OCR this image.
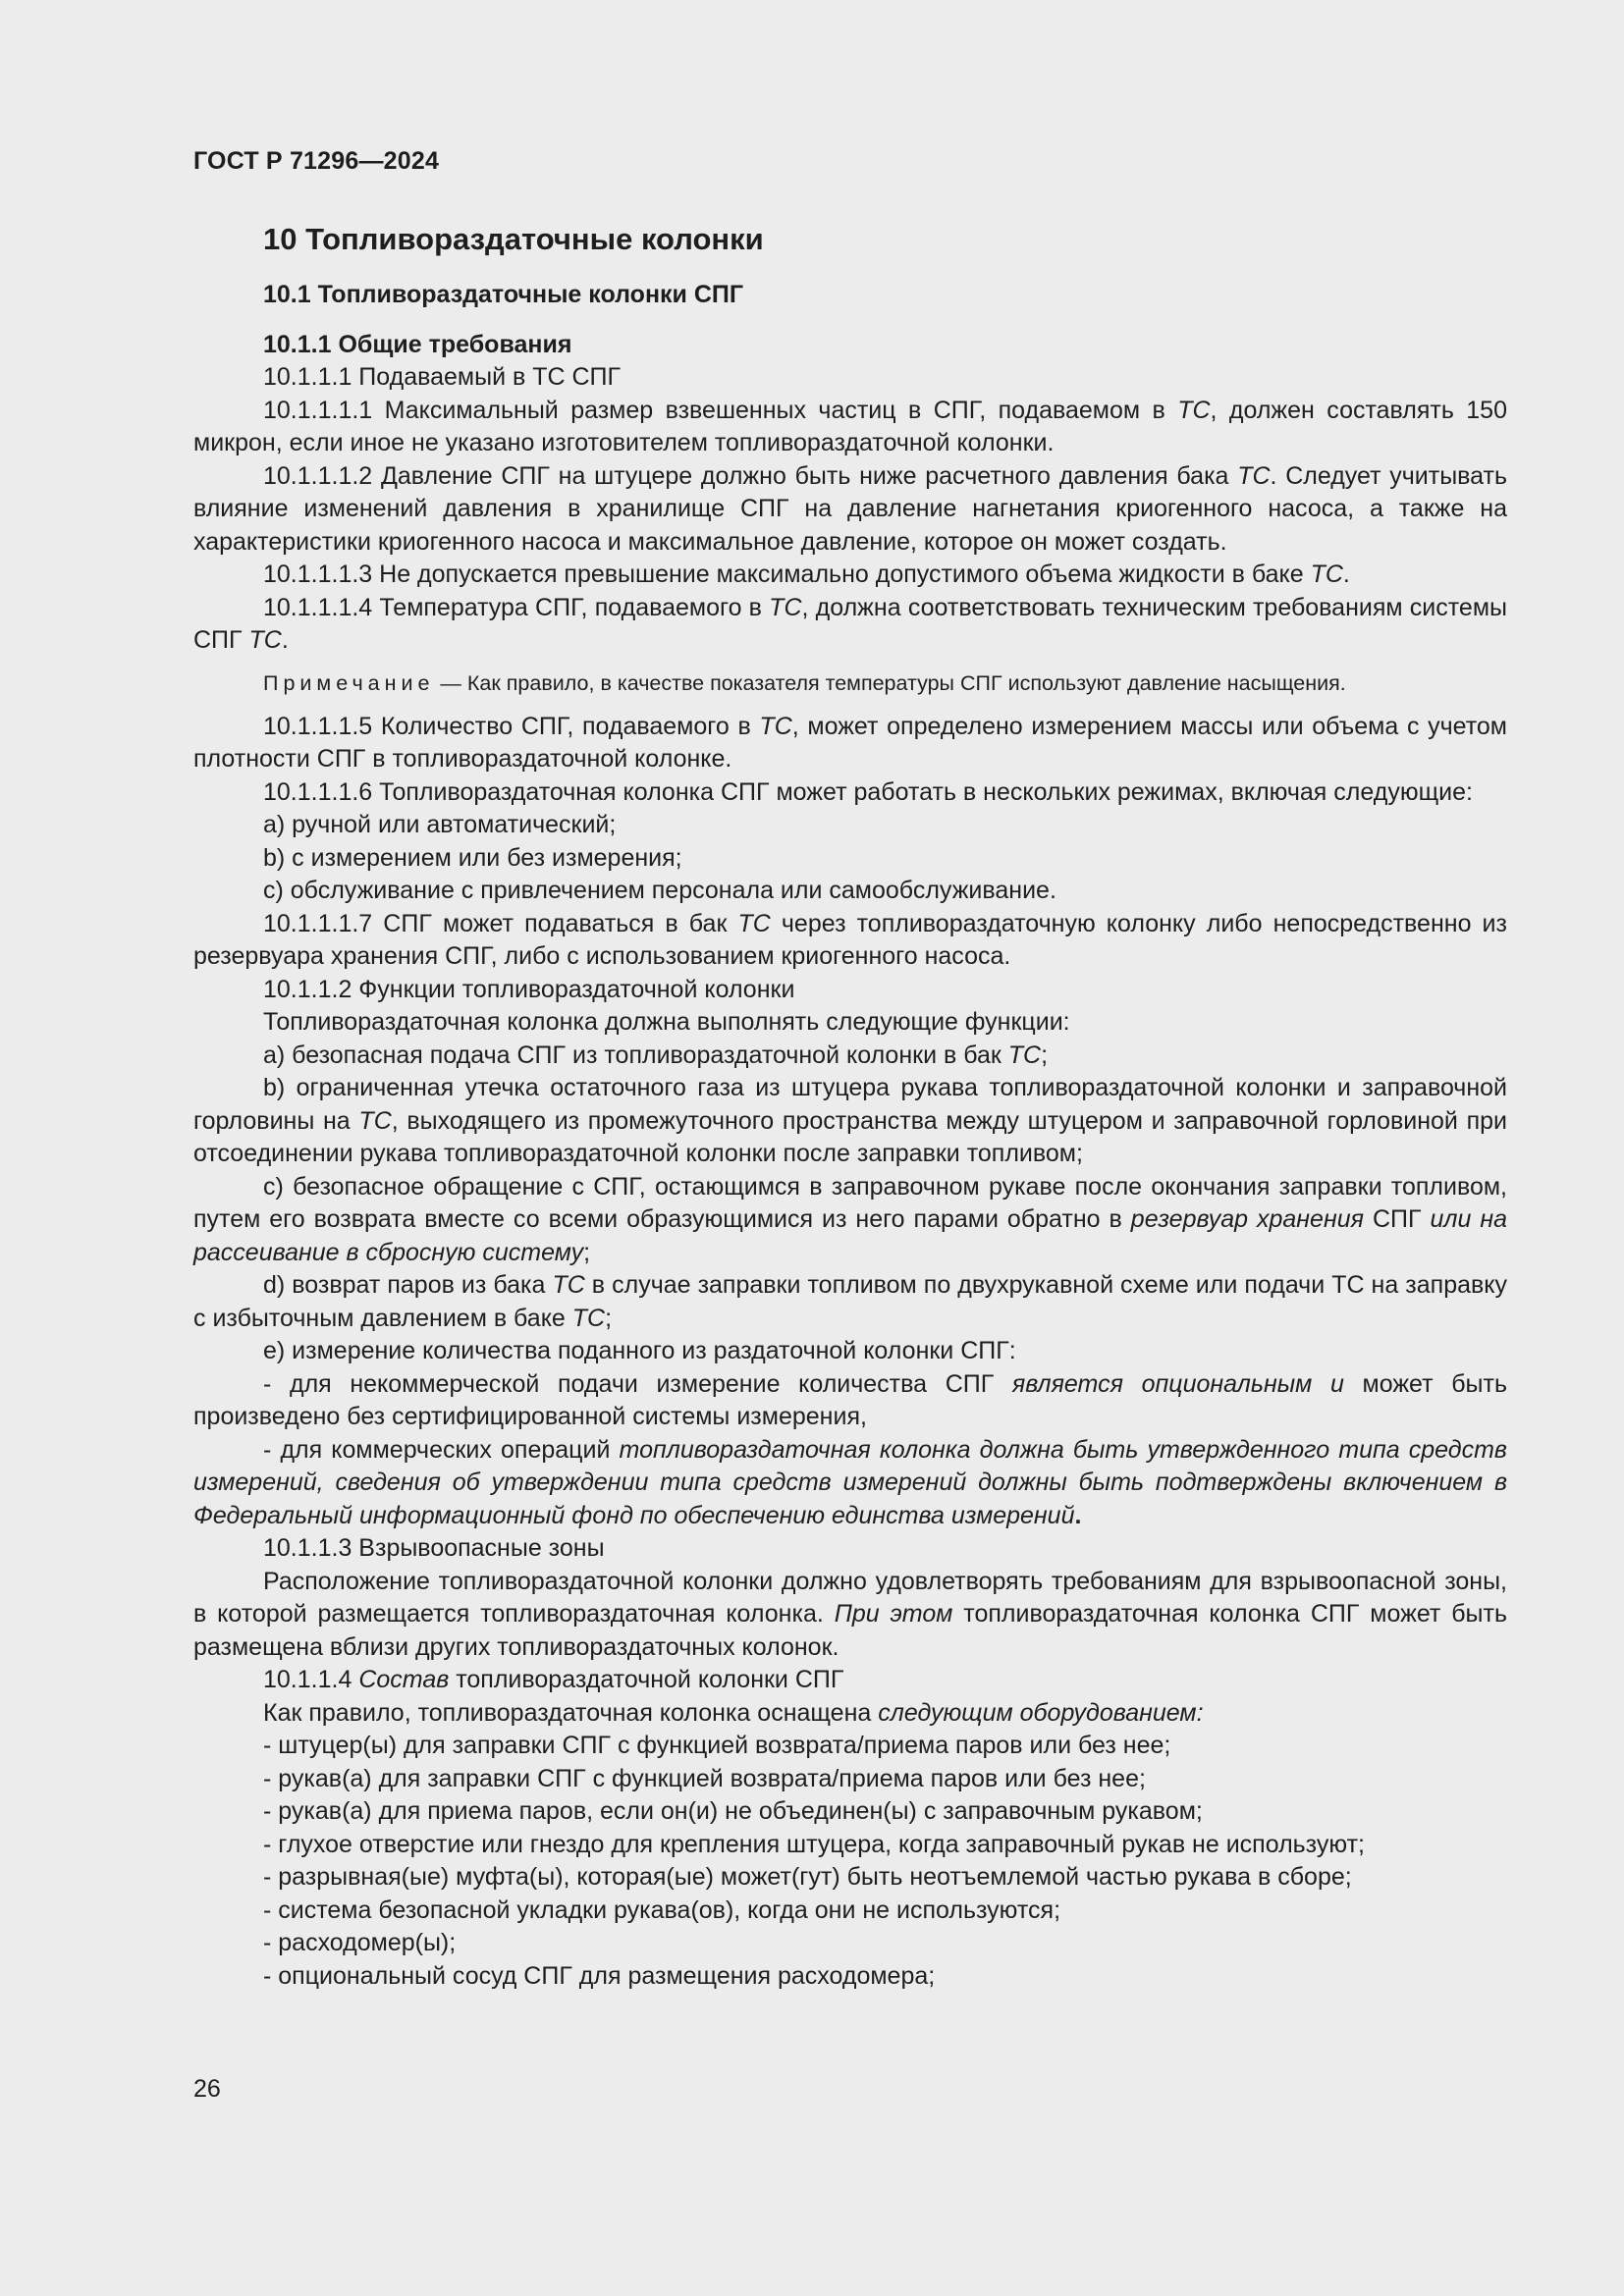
ГОСТ Р 71296—2024
10 Топливораздаточные колонки
10.1 Топливораздаточные колонки СПГ
10.1.1 Общие требования

10.1.1.1 Подаваемый в ТС СПГ

10.1.1.1.1 Максимальный размер взвешенных частиц в СПГ, подаваемом в ТС, должен составлять 150 микрон, если иное не указано изготовителем топливораздаточной колонки.

10.1.1.1.2 Давление СПГ на штуцере должно быть ниже расчетного давления бака ТС. Следует учитывать влияние изменений давления в хранилище СПГ на давление нагнетания криогенного насоса, а также на характеристики криогенного насоса и максимальное давление, которое он может создать.

10.1.1.1.3 Не допускается превышение максимально допустимого объема жидкости в баке ТС.

10.1.1.1.4 Температура СПГ, подаваемого в ТС, должна соответствовать техническим требованиям системы СПГ ТС.

Примечание — Как правило, в качестве показателя температуры СПГ используют давление насыщения.

10.1.1.1.5 Количество СПГ, подаваемого в ТС, может определено измерением массы или объема с учетом плотности СПГ в топливораздаточной колонке.

10.1.1.1.6 Топливораздаточная колонка СПГ может работать в нескольких режимах, включая следующие:

a) ручной или автоматический;

b) с измерением или без измерения;

c) обслуживание с привлечением персонала или самообслуживание.

10.1.1.1.7 СПГ может подаваться в бак ТС через топливораздаточную колонку либо непосредственно из резервуара хранения СПГ, либо с использованием криогенного насоса.

10.1.1.2 Функции топливораздаточной колонки

Топливораздаточная колонка должна выполнять следующие функции:

a) безопасная подача СПГ из топливораздаточной колонки в бак ТС;

b) ограниченная утечка остаточного газа из штуцера рукава топливораздаточной колонки и заправочной горловины на ТС, выходящего из промежуточного пространства между штуцером и заправочной горловиной при отсоединении рукава топливораздаточной колонки после заправки топливом;

c) безопасное обращение с СПГ, остающимся в заправочном рукаве после окончания заправки топливом, путем его возврата вместе со всеми образующимися из него парами обратно в резервуар хранения СПГ или на рассеивание в сбросную систему;

d) возврат паров из бака ТС в случае заправки топливом по двухрукавной схеме или подачи ТС на заправку с избыточным давлением в баке ТС;

e) измерение количества поданного из раздаточной колонки СПГ:

- для некоммерческой подачи измерение количества СПГ является опциональным и может быть произведено без сертифицированной системы измерения,

- для коммерческих операций топливораздаточная колонка должна быть утвержденного типа средств измерений, сведения об утверждении типа средств измерений должны быть подтверждены включением в Федеральный информационный фонд по обеспечению единства измерений.

10.1.1.3 Взрывоопасные зоны

Расположение топливораздаточной колонки должно удовлетворять требованиям для взрывоопасной зоны, в которой размещается топливораздаточная колонка. При этом топливораздаточная колонка СПГ может быть размещена вблизи других топливораздаточных колонок.

10.1.1.4 Состав топливораздаточной колонки СПГ

Как правило, топливораздаточная колонка оснащена следующим оборудованием:

- штуцер(ы) для заправки СПГ с функцией возврата/приема паров или без нее;

- рукав(а) для заправки СПГ с функцией возврата/приема паров или без нее;

- рукав(а) для приема паров, если он(и) не объединен(ы) с заправочным рукавом;

- глухое отверстие или гнездо для крепления штуцера, когда заправочный рукав не используют;

- разрывная(ые) муфта(ы), которая(ые) может(гут) быть неотъемлемой частью рукава в сборе;

- система безопасной укладки рукава(ов), когда они не используются;

- расходомер(ы);

- опциональный сосуд СПГ для размещения расходомера;

26
